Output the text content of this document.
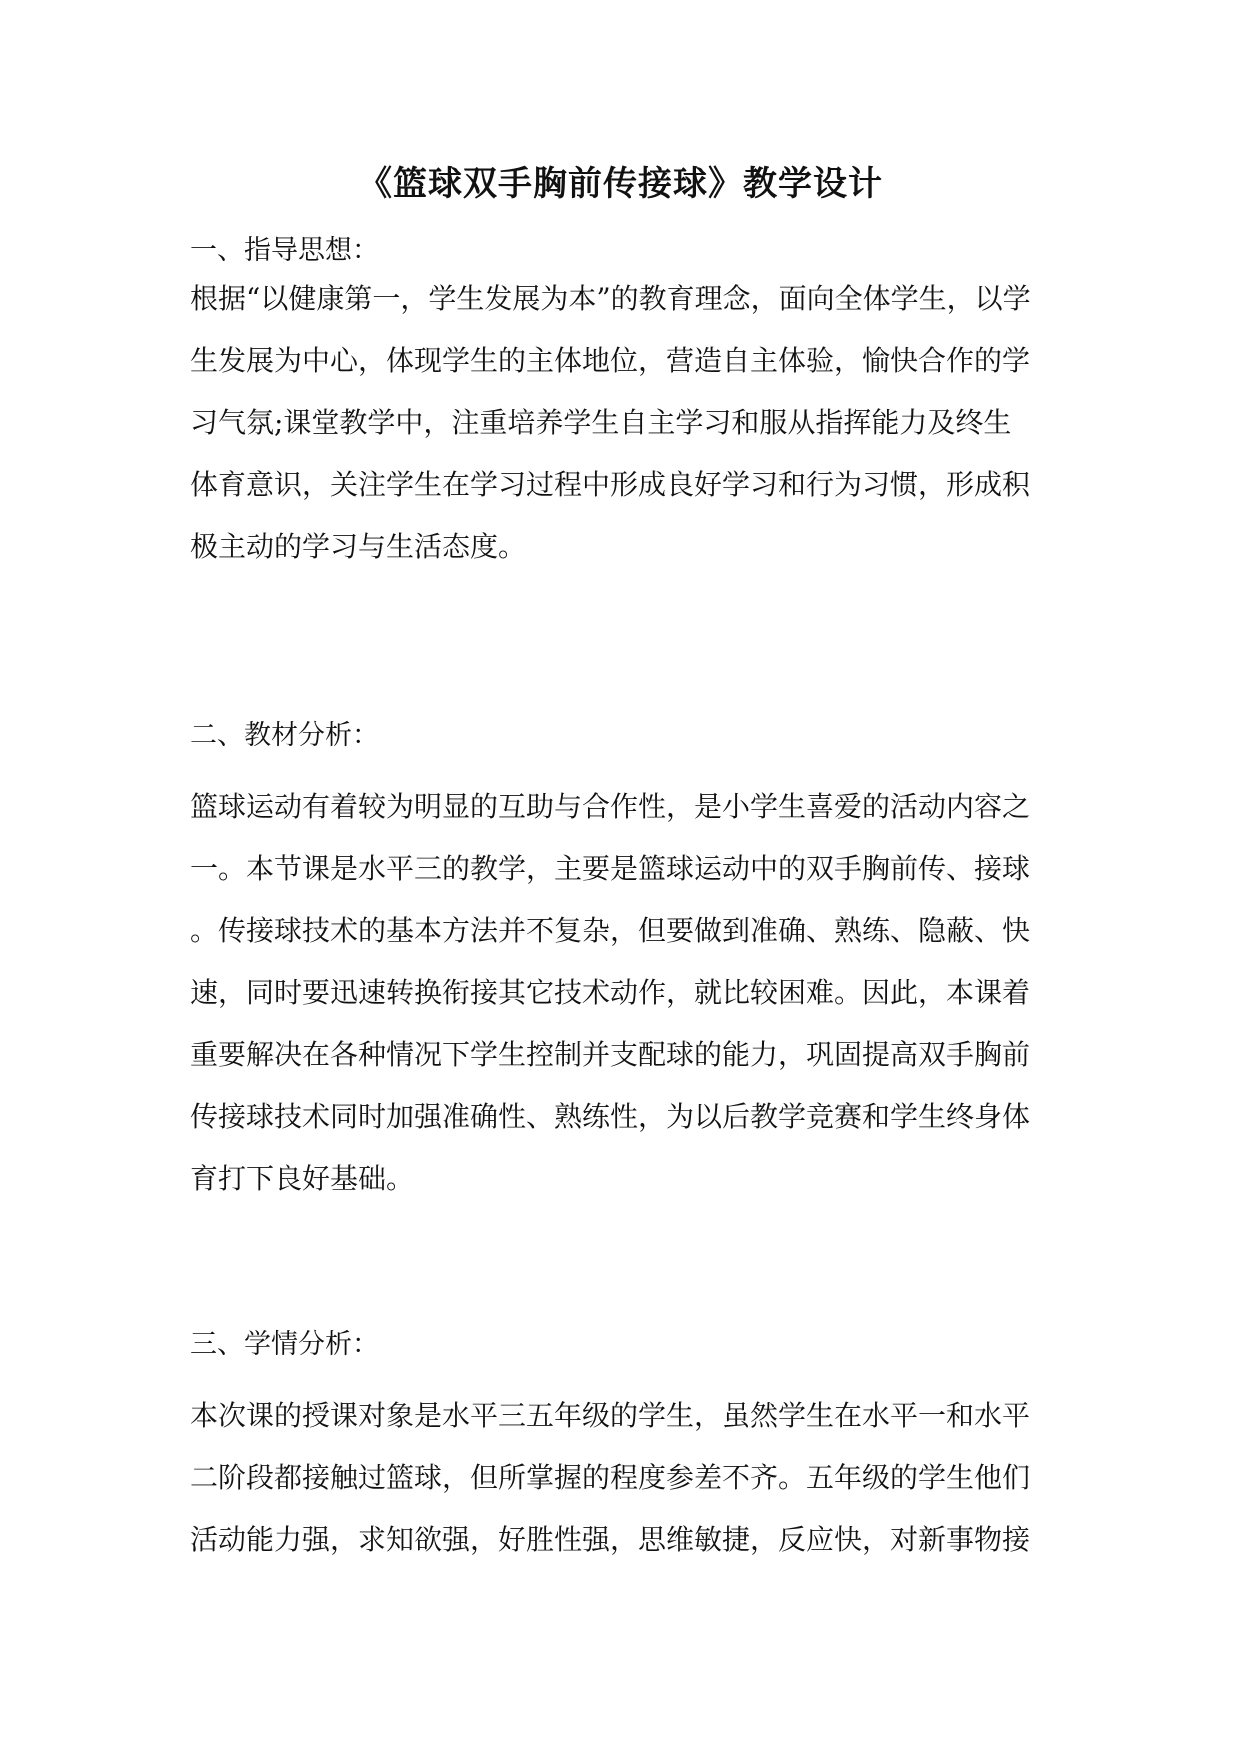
《篮球双手胸前传接球》教学设计
一、指导思想：
根据“以健康第一，学生发展为本”的教育理念，面向全体学生，以学
生发展为中心，体现学生的主体地位，营造自主体验，愉快合作的学
习气氛;课堂教学中，注重培养学生自主学习和服从指挥能力及终生
体育意识，关注学生在学习过程中形成良好学习和行为习惯，形成积
极主动的学习与生活态度。
二、教材分析：
篮球运动有着较为明显的互助与合作性，是小学生喜爱的活动内容之
一。本节课是水平三的教学，主要是篮球运动中的双手胸前传、接球
。传接球技术的基本方法并不复杂，但要做到准确、熟练、隐蔽、快
速，同时要迅速转换衔接其它技术动作，就比较困难。因此，本课着
重要解决在各种情况下学生控制并支配球的能力，巩固提高双手胸前
传接球技术同时加强准确性、熟练性，为以后教学竞赛和学生终身体
育打下良好基础。
三、学情分析：
本次课的授课对象是水平三五年级的学生，虽然学生在水平一和水平
二阶段都接触过篮球，但所掌握的程度参差不齐。五年级的学生他们
活动能力强，求知欲强，好胜性强，思维敏捷，反应快，对新事物接
